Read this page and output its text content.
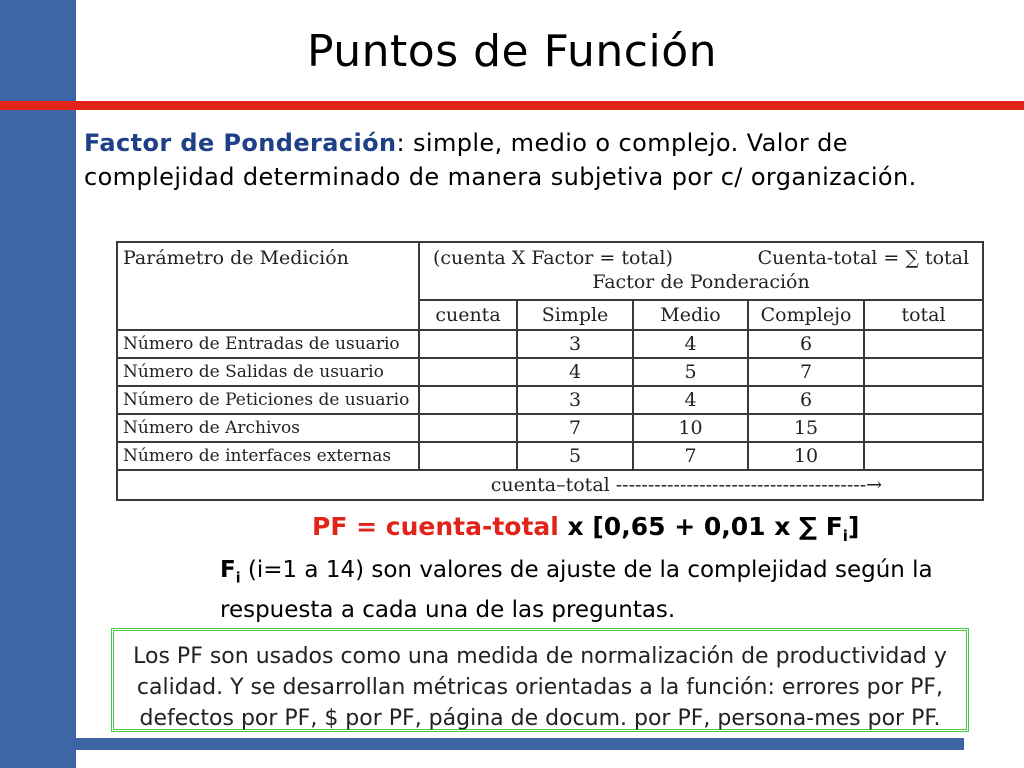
Puntos de Función
Factor de Ponderación: simple, medio o complejo. Valor de complejidad determinado de manera subjetiva por c/ organización.
Parámetro de Medición	(cuenta X Factor = total) Cuenta-total = ∑ total
Factor de Ponderación				

	cuenta	Simple	Medio	Complejo	total
Número de Entradas de usuario		3	4	6	
Número de Salidas de usuario		4	5	7	
Número de Peticiones de usuario		3	4	6	
Número de Archivos		7	10	15	
Número de interfaces externas		5	7	10	
cuenta–total ---------------------------------------→					
PF = cuenta-total x [0,65 + 0,01 x ∑ $F_i$]
$F_i$ (i=1 a 14) son valores de ajuste de la complejidad según la respuesta a cada una de las preguntas.
Los PF son usados como una medida de normalización de productividad y calidad. Y se desarrollan métricas orientadas a la función: errores por PF, defectos por PF, $ por PF, página de docum. por PF, persona-mes por PF.
